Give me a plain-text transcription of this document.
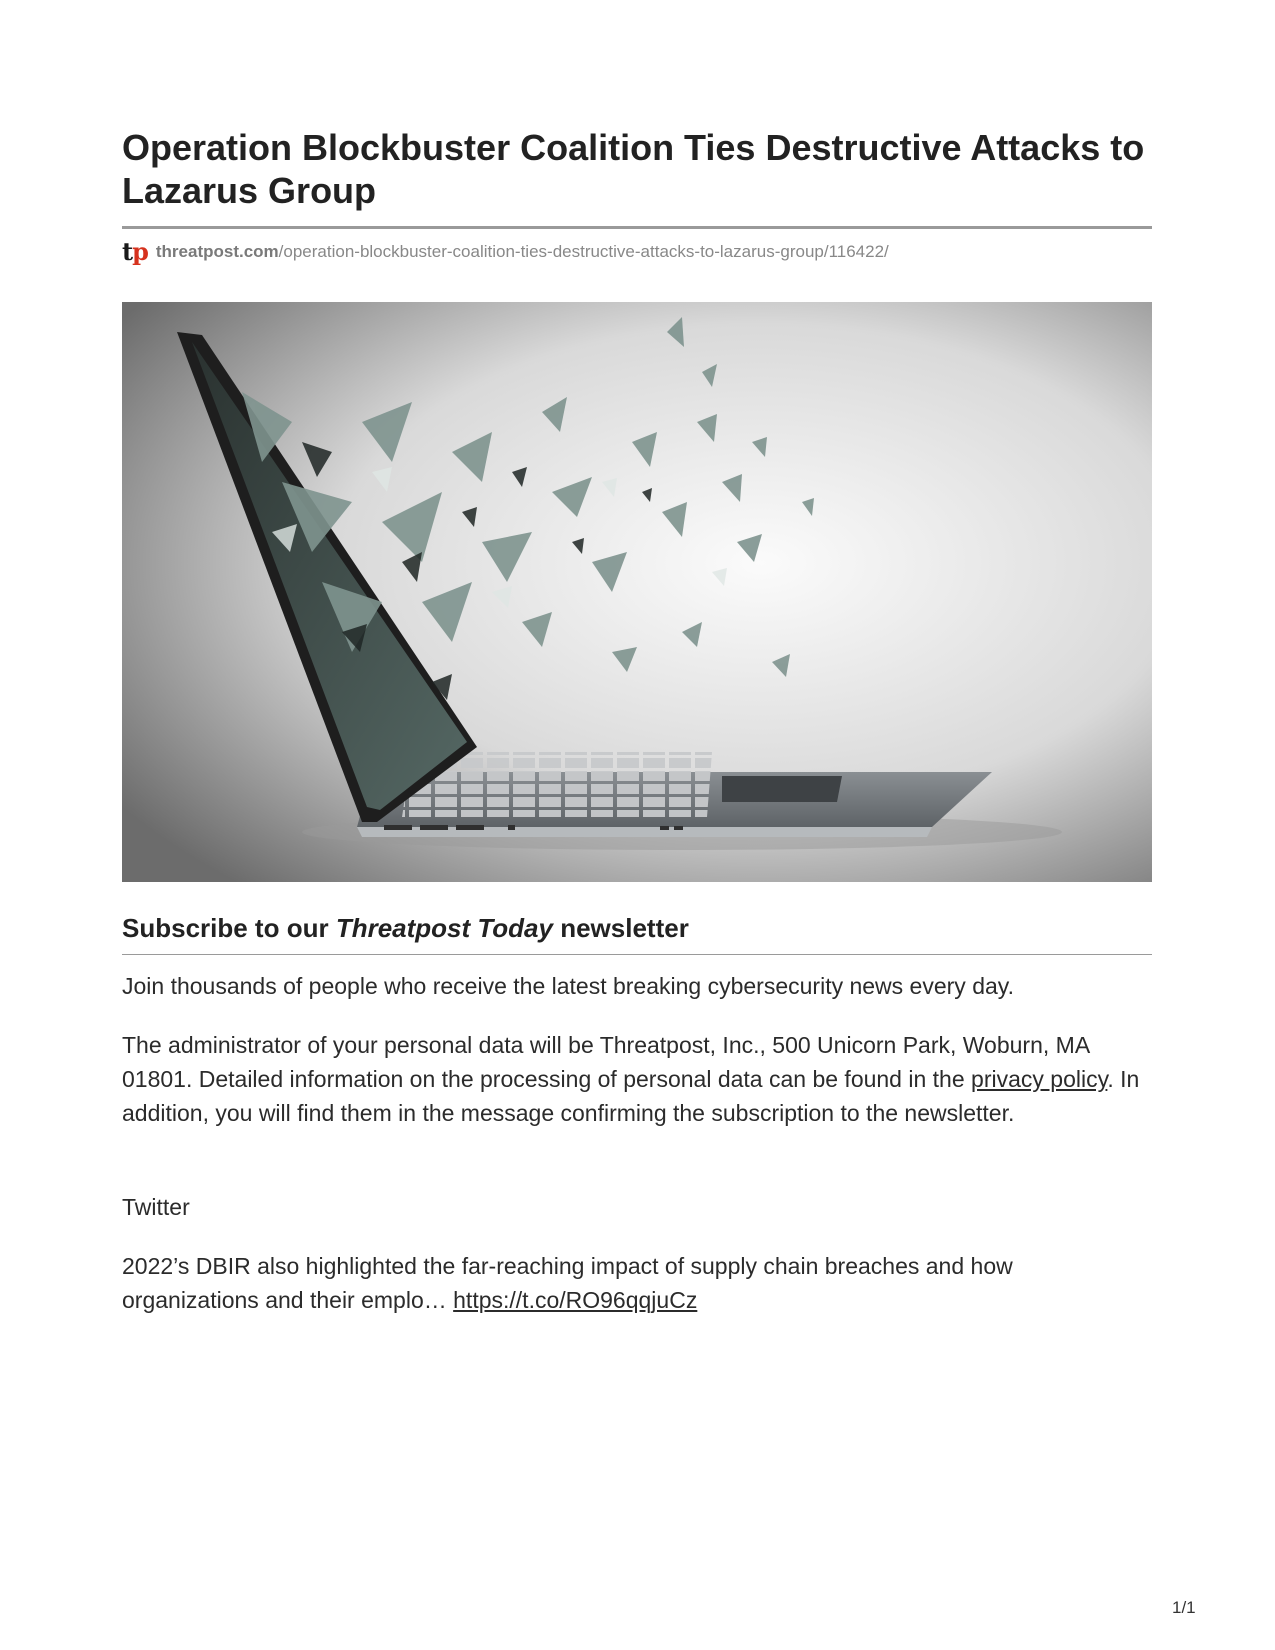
Operation Blockbuster Coalition Ties Destructive Attacks to Lazarus Group
tp threatpost.com/operation-blockbuster-coalition-ties-destructive-attacks-to-lazarus-group/116422/
Subscribe to our Threatpost Today newsletter

Join thousands of people who receive the latest breaking cybersecurity news every day.

The administrator of your personal data will be Threatpost, Inc., 500 Unicorn Park, Woburn, MA 01801. Detailed information on the processing of personal data can be found in the privacy policy. In addition, you will find them in the message confirming the subscription to the newsletter.

Twitter

2022’s DBIR also highlighted the far-reaching impact of supply chain breaches and how organizations and their emplo… https://t.co/RO96qqjuCz

1/1
